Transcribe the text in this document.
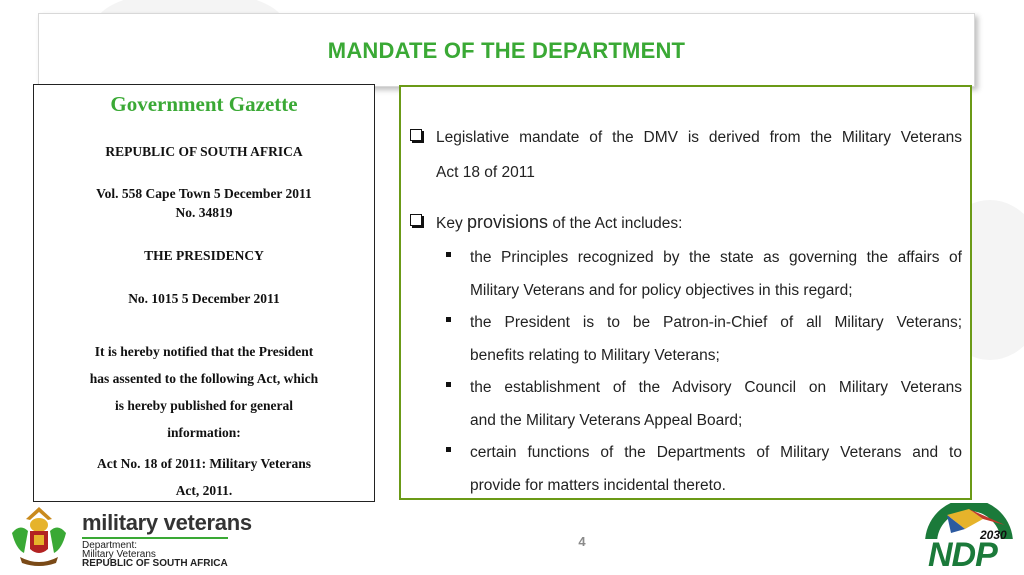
MANDATE OF THE DEPARTMENT
Government Gazette
REPUBLIC OF SOUTH AFRICA
Vol. 558 Cape Town 5 December 2011
No. 34819
THE PRESIDENCY
No. 1015 5 December 2011
It is hereby notified that the President
has assented to the following Act, which
is hereby published for general
information:
Act No. 18 of 2011: Military Veterans
Act, 2011.
Legislative mandate of the DMV is derived from the Military Veterans
Act 18 of 2011
Key provisions of the Act includes:
the Principles recognized by the state as governing the affairs of
Military Veterans and for policy objectives in this regard;
the President is to be Patron-in-Chief of all Military Veterans;
benefits relating to Military Veterans;
the establishment of the Advisory Council on Military Veterans
and the Military Veterans Appeal Board;
certain functions of the Departments of Military Veterans and to
provide for matters incidental thereto.
military veterans
Department:
Military Veterans
REPUBLIC OF SOUTH AFRICA
4	2030
NDP
